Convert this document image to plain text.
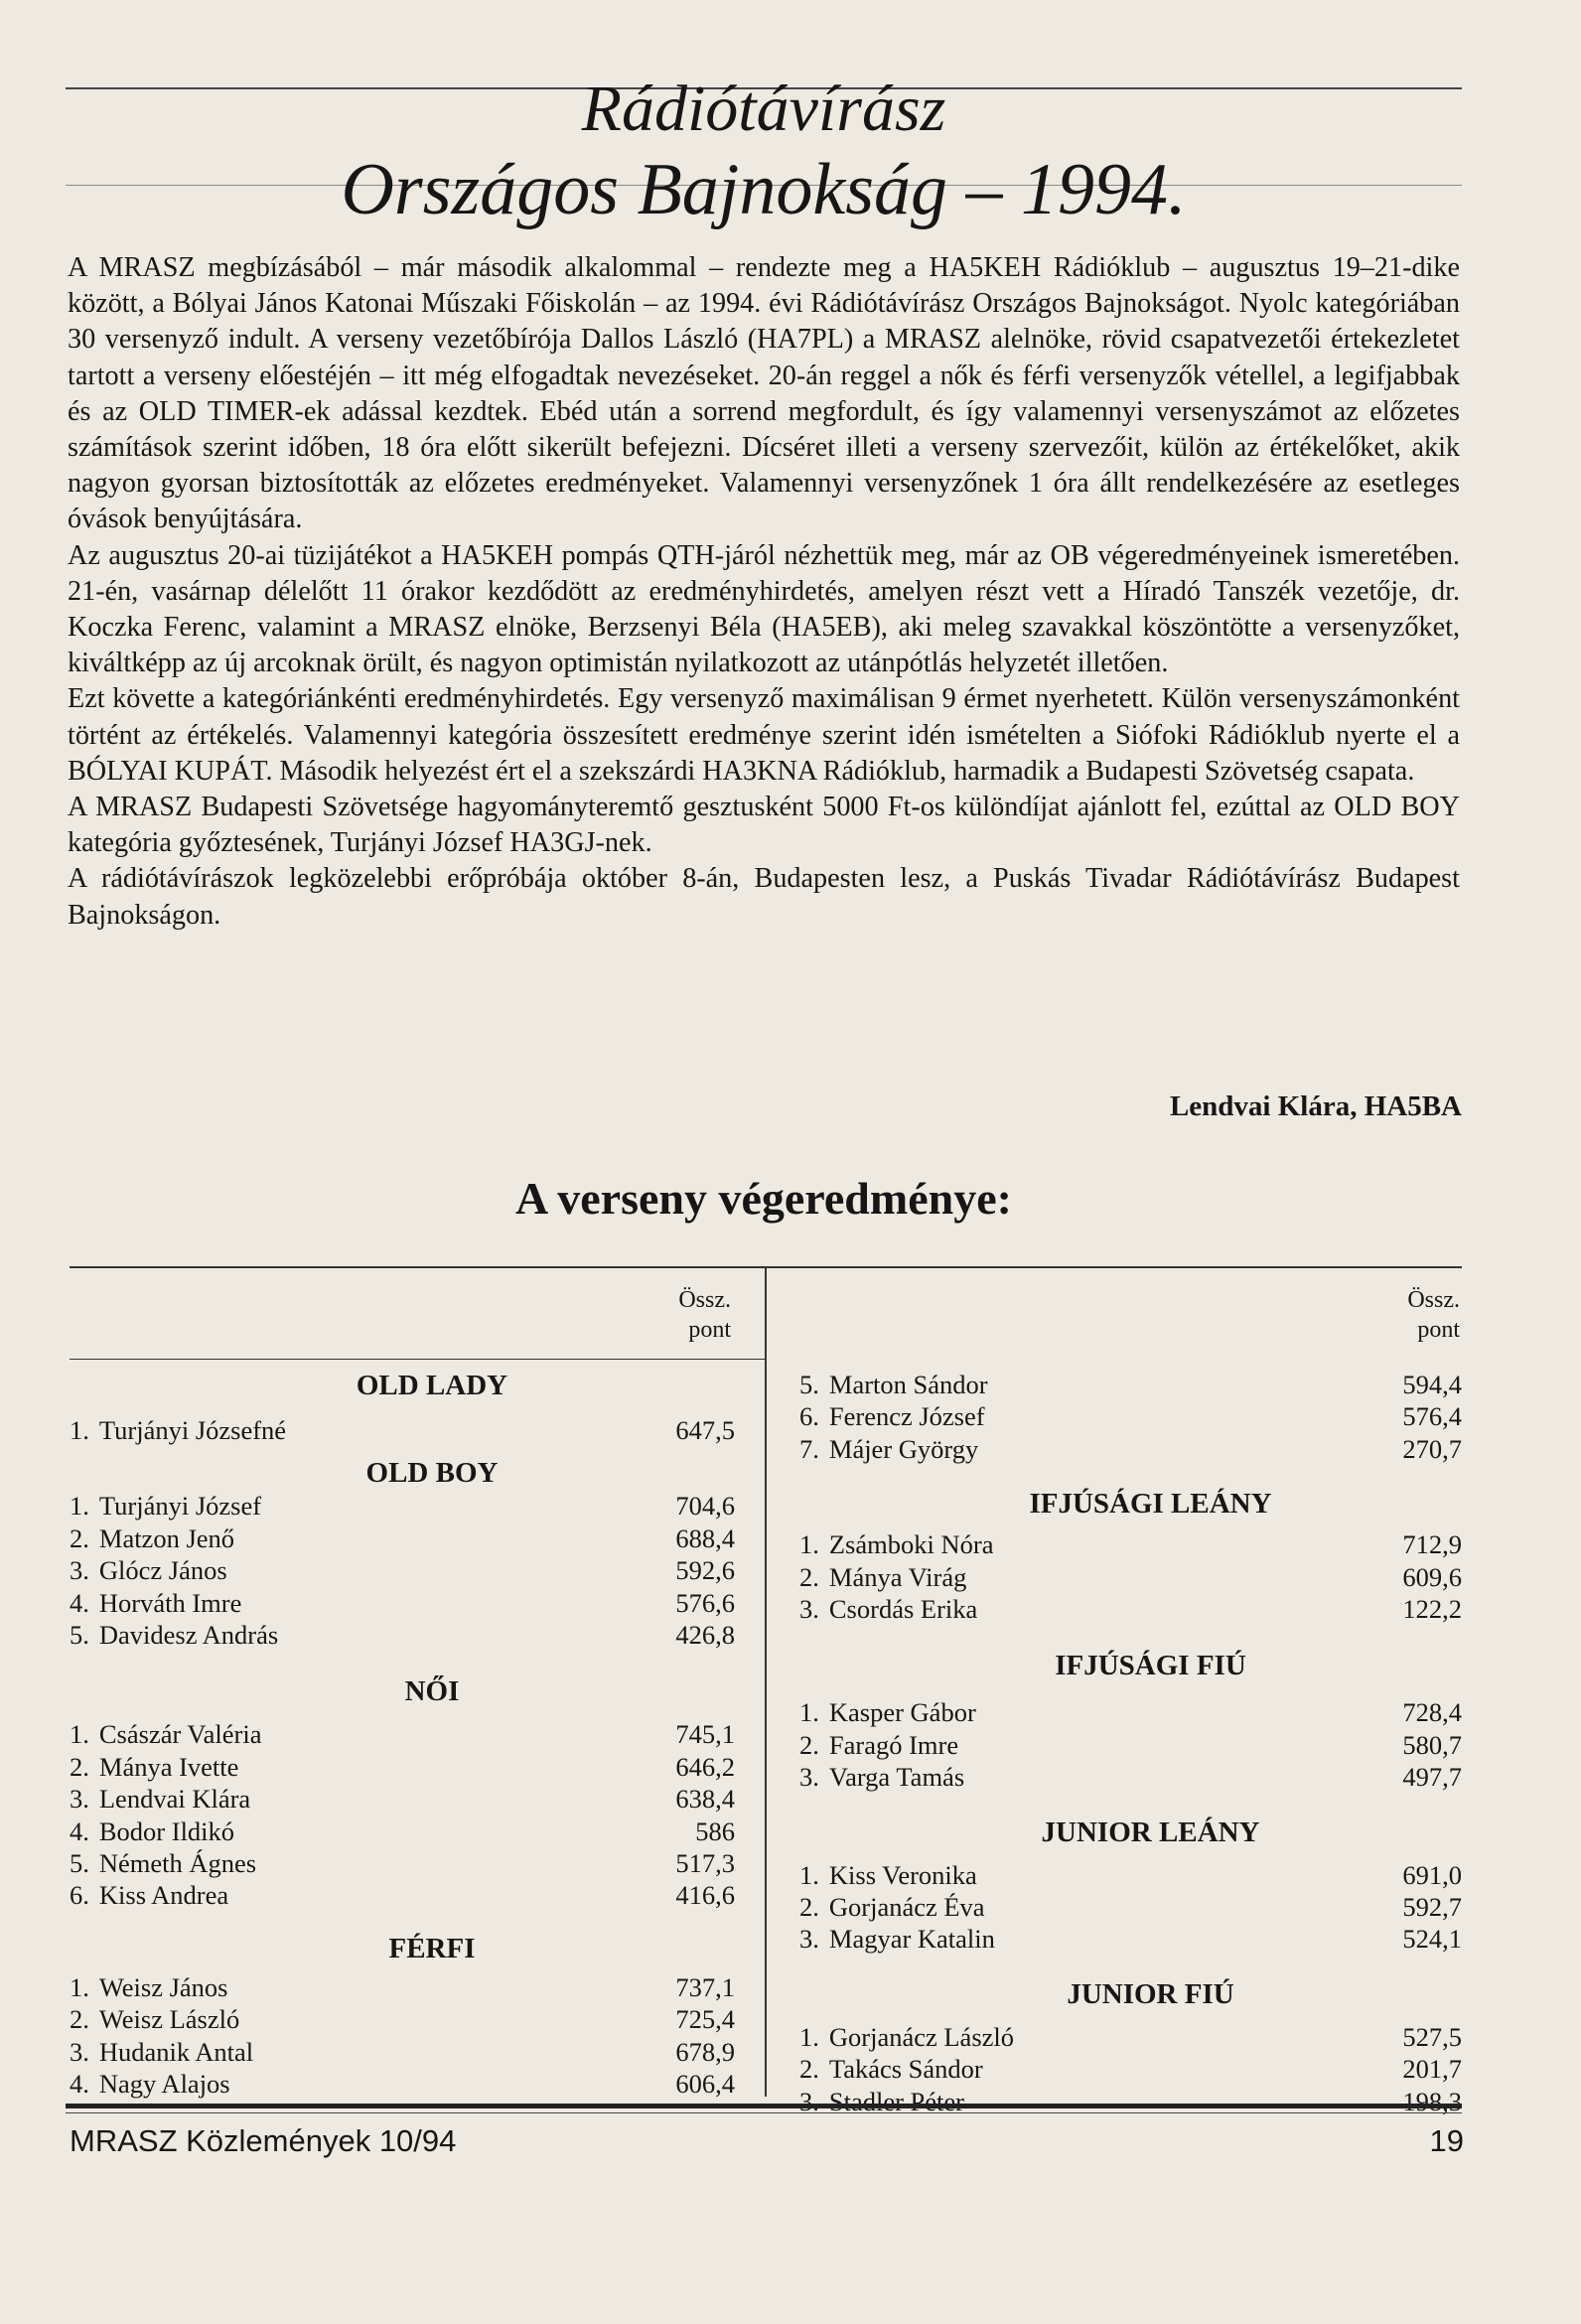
Rádiótávírász
Országos Bajnokság – 1994.

A MRASZ megbízásából – már második alkalommal – rendezte meg a HA5KEH Rádióklub – augusztus 19–21-dike között, a Bólyai János Katonai Műszaki Főiskolán – az 1994. évi Rádiótávírász Országos Bajnokságot. Nyolc kategóriában 30 versenyző indult. A verseny vezetőbírója Dallos László (HA7PL) a MRASZ alelnöke, rövid csapatvezetői értekezletet tartott a verseny előestéjén – itt még elfogadtak nevezéseket. 20-án reggel a nők és férfi versenyzők vétellel, a legifjabbak és az OLD TIMER-ek adással kezdtek. Ebéd után a sorrend megfordult, és így valamennyi versenyszámot az előzetes számítások szerint időben, 18 óra előtt sikerült befejezni. Dícséret illeti a verseny szervezőit, külön az értékelőket, akik nagyon gyorsan biztosították az előzetes eredményeket. Valamennyi versenyzőnek 1 óra állt rendelkezésére az esetleges óvások benyújtására.

Az augusztus 20-ai tüzijátékot a HA5KEH pompás QTH-járól nézhettük meg, már az OB végeredményeinek ismeretében. 21-én, vasárnap délelőtt 11 órakor kezdődött az eredményhirdetés, amelyen részt vett a Híradó Tanszék vezetője, dr. Koczka Ferenc, valamint a MRASZ elnöke, Berzsenyi Béla (HA5EB), aki meleg szavakkal köszöntötte a versenyzőket, kiváltképp az új arcoknak örült, és nagyon optimistán nyilatkozott az utánpótlás helyzetét illetően.

Ezt követte a kategóriánkénti eredményhirdetés. Egy versenyző maximálisan 9 érmet nyerhetett. Külön versenyszámonként történt az értékelés. Valamennyi kategória összesített eredménye szerint idén ismételten a Siófoki Rádióklub nyerte el a BÓLYAI KUPÁT. Második helyezést ért el a szekszárdi HA3KNA Rádióklub, harmadik a Budapesti Szövetség csapata.

A MRASZ Budapesti Szövetsége hagyományteremtő gesztusként 5000 Ft-os különdíjat ajánlott fel, ezúttal az OLD BOY kategória győztesének, Turjányi József HA3GJ-nek.

A rádiótávírászok legközelebbi erőpróbája október 8-án, Budapesten lesz, a Puskás Tivadar Rádiótávírász Budapest Bajnokságon.

Lendvai Klára, HA5BA
A verseny végeredménye:
Össz.
pont
Össz.
pont
OLD LADY
1. Turjányi Józsefné	647,5
OLD BOY
1. Turjányi József	704,6
2. Matzon Jenő	688,4
3. Glócz János	592,6
4. Horváth Imre	576,6
5. Davidesz András	426,8
NŐI
1. Császár Valéria	745,1
2. Mánya Ivette	646,2
3. Lendvai Klára	638,4
4. Bodor Ildikó	586
5. Németh Ágnes	517,3
6. Kiss Andrea	416,6
FÉRFI
1. Weisz János	737,1
2. Weisz László	725,4
3. Hudanik Antal	678,9
4. Nagy Alajos	606,4
5. Marton Sándor	594,4
6. Ferencz József	576,4
7. Májer György	270,7
IFJÚSÁGI LEÁNY
1. Zsámboki Nóra	712,9
2. Mánya Virág	609,6
3. Csordás Erika	122,2
IFJÚSÁGI FIÚ
1. Kasper Gábor	728,4
2. Faragó Imre	580,7
3. Varga Tamás	497,7
JUNIOR LEÁNY
1. Kiss Veronika	691,0
2. Gorjanácz Éva	592,7
3. Magyar Katalin	524,1
JUNIOR FIÚ
1. Gorjanácz László	527,5
2. Takács Sándor	201,7
3. Stadler Péter	198,3
MRASZ Közlemények 10/94	19
